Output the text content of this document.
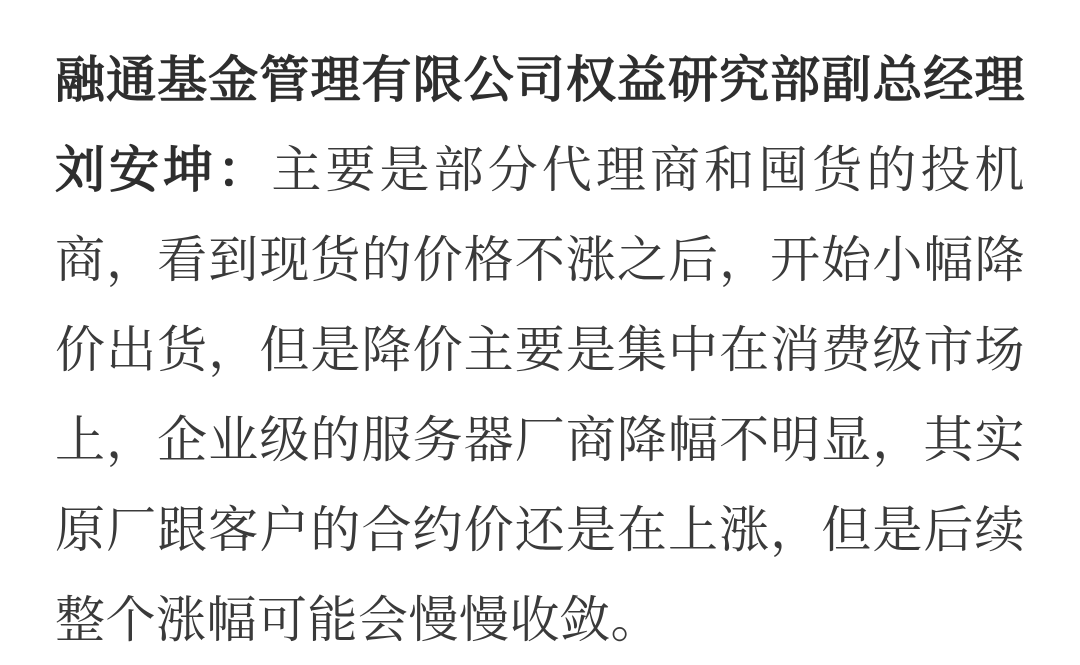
融通基金管理有限公司权益研究部副总经理
刘安坤：主要是部分代理商和囤货的投机
商，看到现货的价格不涨之后，开始小幅降
价出货，但是降价主要是集中在消费级市场
上，企业级的服务器厂商降幅不明显，其实
原厂跟客户的合约价还是在上涨，但是后续
整个涨幅可能会慢慢收敛。
